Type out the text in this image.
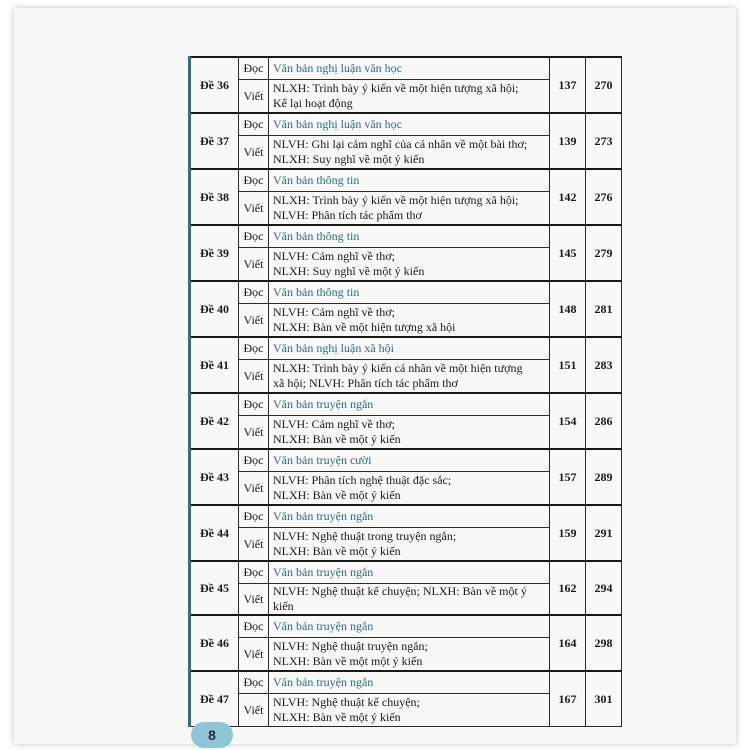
Đề 36	Đọc	Văn bản nghị luận văn học	137	270
	Viết	NLXH: Trình bày ý kiến về một hiện tượng xã hội;
Kể lại hoạt động		

Đề 37	Đọc	Văn bản nghị luận văn học	139	273
	Viết	NLVH: Ghi lại cảm nghĩ của cá nhân về một bài thơ;
NLXH: Suy nghĩ về một ý kiến		

Đề 38	Đọc	Văn bản thông tin	142	276
	Viết	NLXH: Trình bày ý kiến về một hiện tượng xã hội;
NLVH: Phân tích tác phẩm thơ		

Đề 39	Đọc	Văn bản thông tin	145	279
	Viết	NLVH: Cảm nghĩ về thơ;
NLXH: Suy nghĩ về một ý kiến		

Đề 40	Đọc	Văn bản thông tin	148	281
	Viết	NLVH: Cảm nghĩ về thơ;
NLXH: Bàn về một hiện tượng xã hội		

Đề 41	Đọc	Văn bản nghị luận xã hội	151	283
	Viết	NLXH: Trình bày ý kiến cá nhân về một hiện tượng
xã hội; NLVH: Phân tích tác phẩm thơ		

Đề 42	Đọc	Văn bản truyện ngắn	154	286
	Viết	NLVH: Cảm nghĩ về thơ;
NLXH: Bàn về một ý kiến		

Đề 43	Đọc	Văn bản truyện cười	157	289
	Viết	NLVH: Phân tích nghệ thuật đặc sắc;
NLXH: Bàn về một ý kiến		

Đề 44	Đọc	Văn bản truyện ngắn	159	291
	Viết	NLVH: Nghệ thuật trong truyện ngắn;
NLXH: Bàn về một ý kiến		

Đề 45	Đọc	Văn bản truyện ngắn	162	294
	Viết	NLVH: Nghệ thuật kể chuyện; NLXH: Bàn về một ý kiến		

Đề 46	Đọc	Văn bản truyện ngắn	164	298
	Viết	NLVH: Nghệ thuật truyện ngắn;
NLXH: Bàn về một một ý kiến		

Đề 47	Đọc	Văn bản truyện ngắn	167	301
	Viết	NLVH: Nghệ thuật kể chuyện;
NLXH: Bàn về một ý kiến		
8
